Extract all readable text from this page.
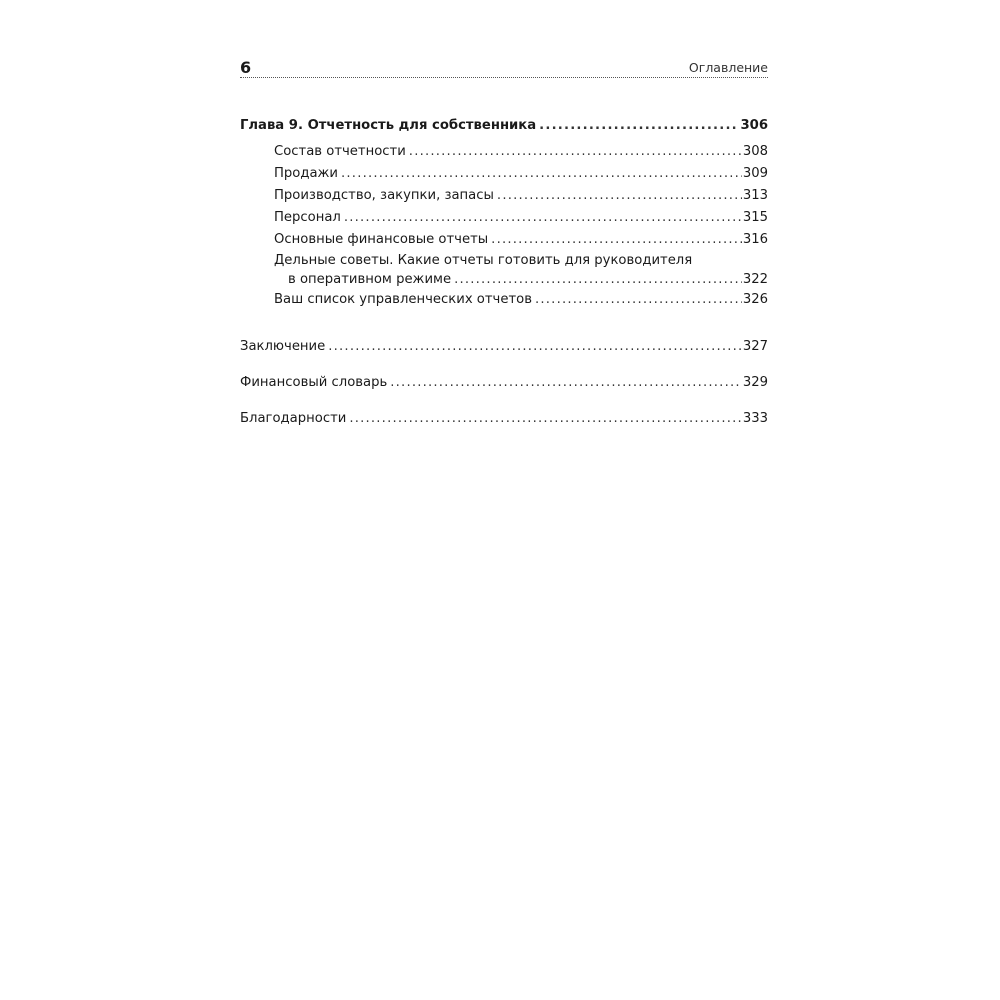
6	Оглавление
Глава 9. Отчетность для собственника .....	306
Состав отчетности .....	308
Продажи .....	309
Производство, закупки, запасы .....	313
Персонал .....	315
Основные финансовые отчеты .....	316
Дельные советы. Какие отчеты готовить для руководителя
в оперативном режиме .....	322
Ваш список управленческих отчетов .....	326
Заключение .....	327
Финансовый словарь .....	329
Благодарности .....	333
